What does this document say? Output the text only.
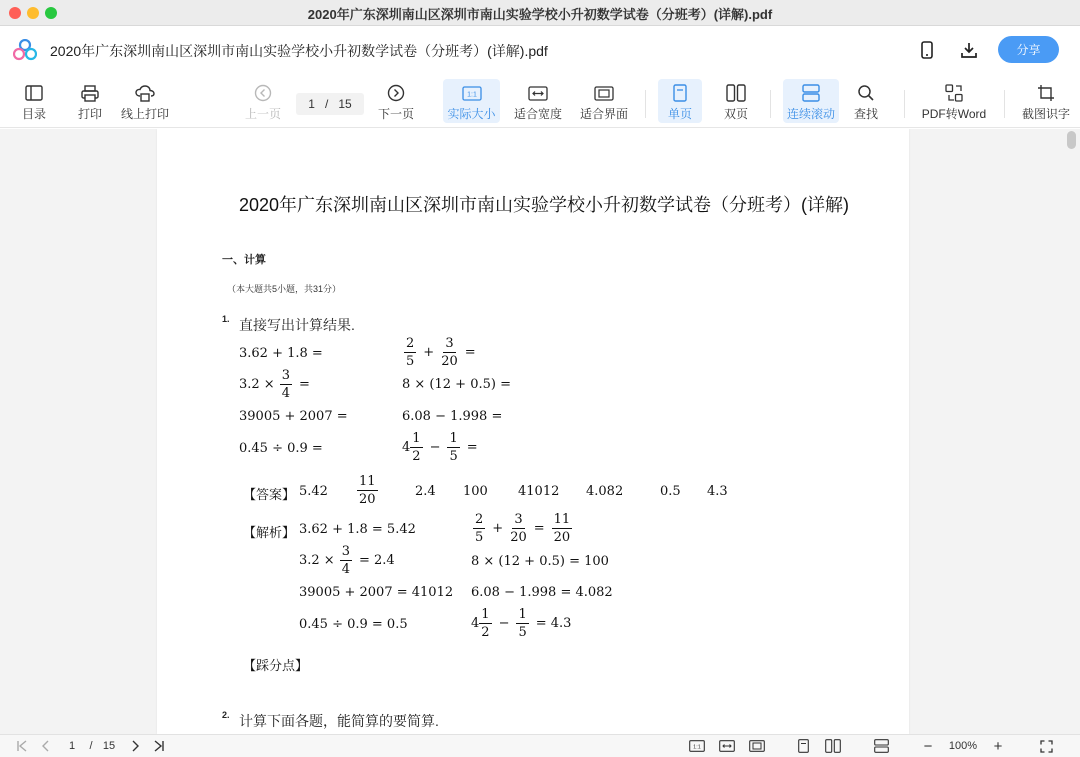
2020年广东深圳南山区深圳市南山实验学校小升初数学试卷（分班考）(详解).pdf
2020年广东深圳南山区深圳市南山实验学校小升初数学试卷（分班考）(详解).pdf	分享
目录	打印 线上打印	上一页
1 / 15
下一页
1:1
实际大小 适合宽度 适合界面	单页	双页	连续滚动 查找	PDF转Word	截图识字
2020年广东深圳南山区深圳市南山实验学校小升初数学试卷（分班考）(详解)
一、计算
（本大题共5小题，共31分）
1. 直接写出计算结果.
3.62 + 1.8 =	$\frac{2}{5} + \frac{3}{20}$ =
$3.2 \times \frac{3}{4}$ =	8 × (12 + 0.5) =
39005 + 2007 =	6.08 − 1.998 =
0.45 ÷ 0.9 =	$4 \frac{1}{2} - \frac{1}{5}$ =
【答案】 $5.42 \frac{11}{20}$	2.4 100 41012 4.082	0.5 4.3
【解析】 3.62 + 1.8 = 5.42	$\frac{2}{5} + \frac{3}{20} = \frac{11}{20}$
$3.2 \times \frac{3}{4} = 2.4$	8 × (12 + 0.5) = 100
39005 + 2007 = 41012 6.08 − 1.998 = 4.082
0.45 ÷ 0.9 = 0.5	$4 \frac{1}{2} - \frac{1}{5} = 4.3$
【踩分点】
2. 计算下面各题，能简算的要简算.
1	/ 15	1:1	−	100%	+
